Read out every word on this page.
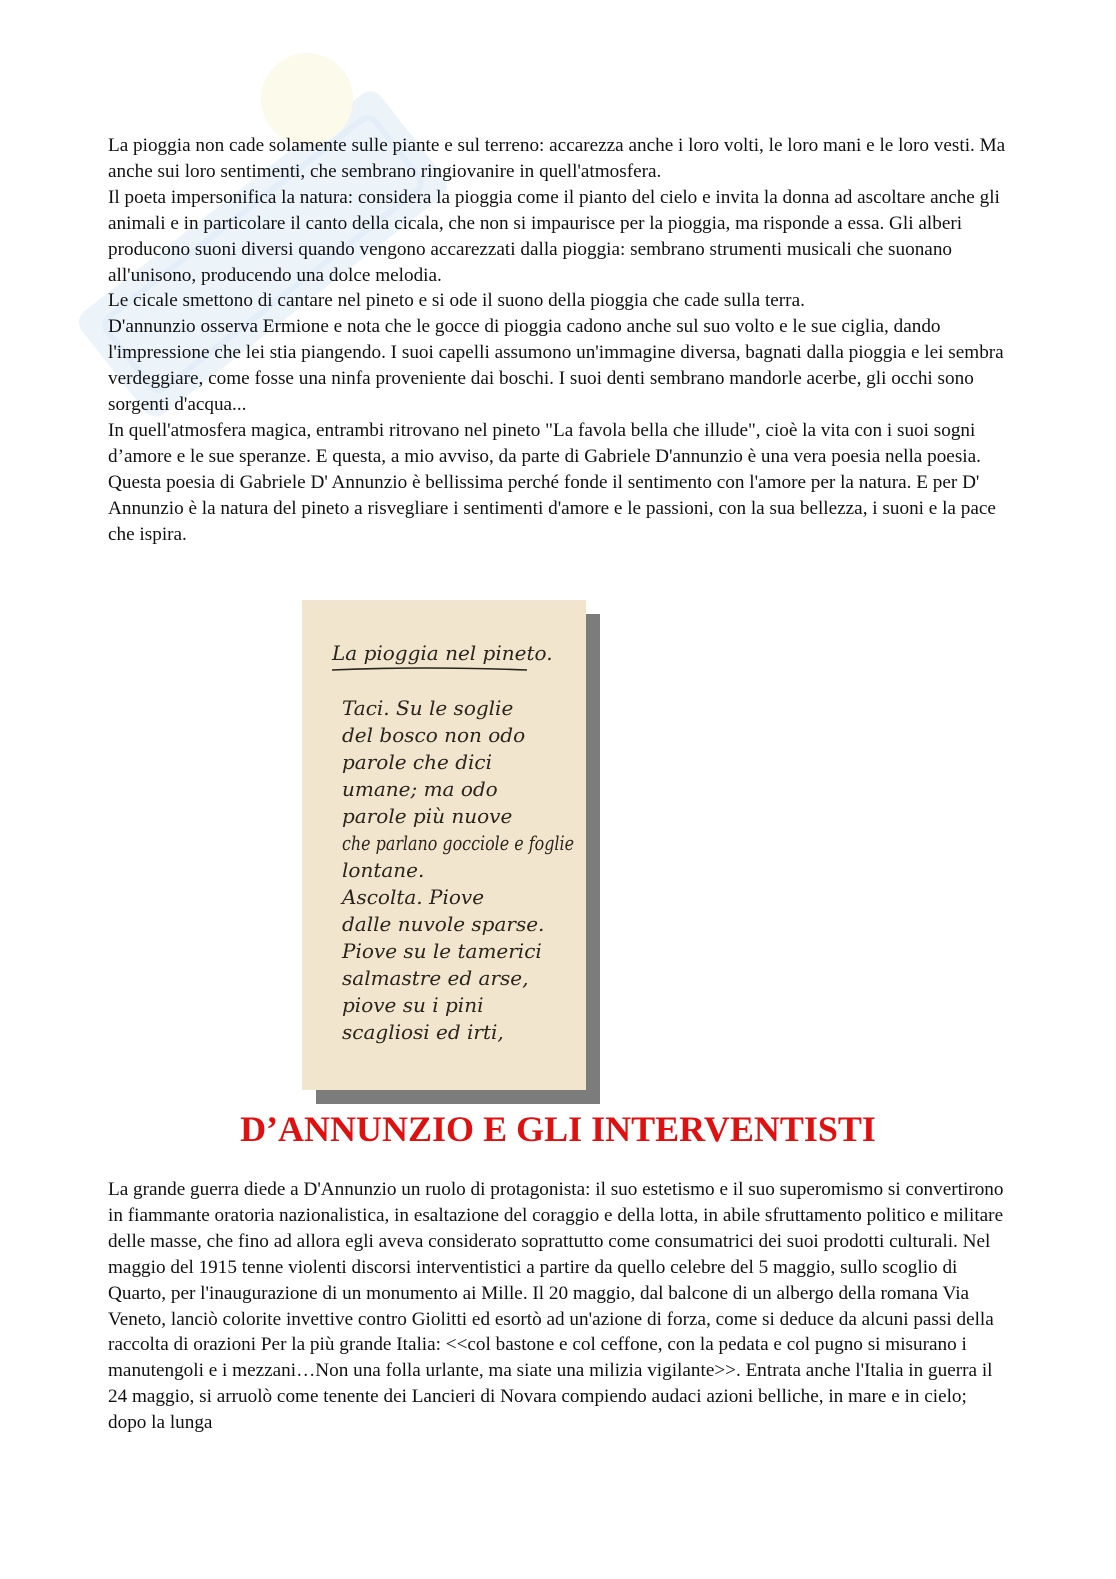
La pioggia non cade solamente sulle piante e sul terreno: accarezza anche i loro volti, le loro mani e le loro vesti. Ma anche sui loro sentimenti, che sembrano ringiovanire in quell'atmosfera.

Il poeta impersonifica la natura: considera la pioggia come il pianto del cielo e invita la donna ad ascoltare anche gli animali e in particolare il canto della cicala, che non si impaurisce per la pioggia, ma risponde a essa. Gli alberi producono suoni diversi quando vengono accarezzati dalla pioggia: sembrano strumenti musicali che suonano all'unisono, producendo una dolce melodia.

Le cicale smettono di cantare nel pineto e si ode il suono della pioggia che cade sulla terra.

D'annunzio osserva Ermione e nota che le gocce di pioggia cadono anche sul suo volto e le sue ciglia, dando l'impressione che lei stia piangendo. I suoi capelli assumono un'immagine diversa, bagnati dalla pioggia e lei sembra verdeggiare, come fosse una ninfa proveniente dai boschi. I suoi denti sembrano mandorle acerbe, gli occhi sono sorgenti d'acqua...

In quell'atmosfera magica, entrambi ritrovano nel pineto "La favola bella che illude", cioè la vita con i suoi sogni d’amore e le sue speranze. E questa, a mio avviso, da parte di Gabriele D'annunzio è una vera poesia nella poesia.

Questa poesia di Gabriele D' Annunzio è bellissima perché fonde il sentimento con l'amore per la natura. E per D' Annunzio è la natura del pineto a risvegliare i sentimenti d'amore e le passioni, con la sua bellezza, i suoni e la pace che ispira.

La pioggia nel pineto.
Taci. Su le soglie
del bosco non odo
parole che dici
umane; ma odo
parole più nuove
che parlano gocciole e foglie
lontane.
Ascolta. Piove
dalle nuvole sparse.
Piove su le tamerici
salmastre ed arse,
piove su i pini
scagliosi ed irti,
D’ANNUNZIO E GLI INTERVENTISTI

La grande guerra diede a D'Annunzio un ruolo di protagonista: il suo estetismo e il suo superomismo si convertirono in fiammante oratoria nazionalistica, in esaltazione del coraggio e della lotta, in abile sfruttamento politico e militare delle masse, che fino ad allora egli aveva considerato soprattutto come consumatrici dei suoi prodotti culturali. Nel maggio del 1915 tenne violenti discorsi interventistici a partire da quello celebre del 5 maggio, sullo scoglio di Quarto, per l'inaugurazione di un monumento ai Mille. Il 20 maggio, dal balcone di un albergo della romana Via Veneto, lanciò colorite invettive contro Giolitti ed esortò ad un'azione di forza, come si deduce da alcuni passi della raccolta di orazioni Per la più grande Italia: <<col bastone e col ceffone, con la pedata e col pugno si misurano i manutengoli e i mezzani…Non una folla urlante, ma siate una milizia vigilante>>. Entrata anche l'Italia in guerra il 24 maggio, si arruolò come tenente dei Lancieri di Novara compiendo audaci azioni belliche, in mare e in cielo; dopo la lunga
